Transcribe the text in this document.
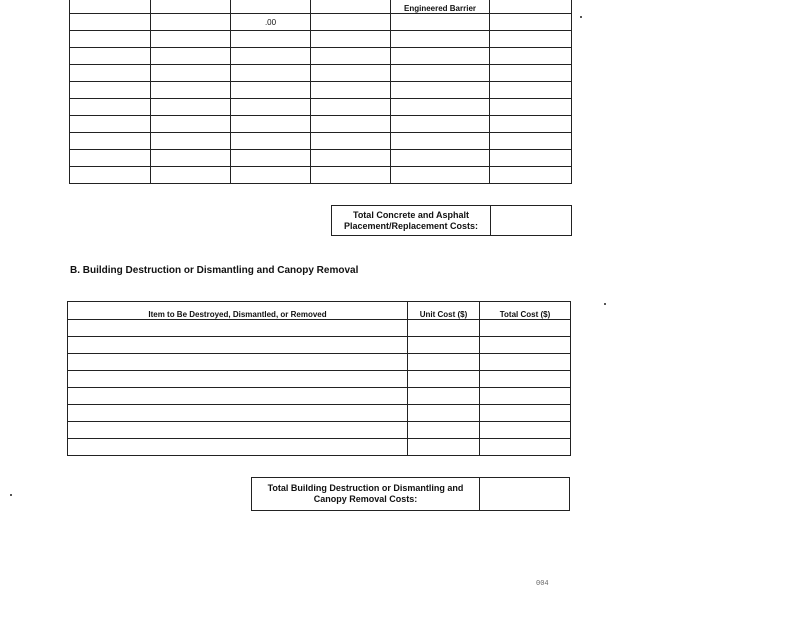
				Engineered Barrier	
		.00			

Total Concrete and Asphalt
Placement/Replacement Costs:

B. Building Destruction or Dismantling and Canopy Removal
Item to Be Destroyed, Dismantled, or Removed	Unit Cost ($)	Total Cost ($)

Total Building Destruction or Dismantling and
Canopy Removal Costs:

004
